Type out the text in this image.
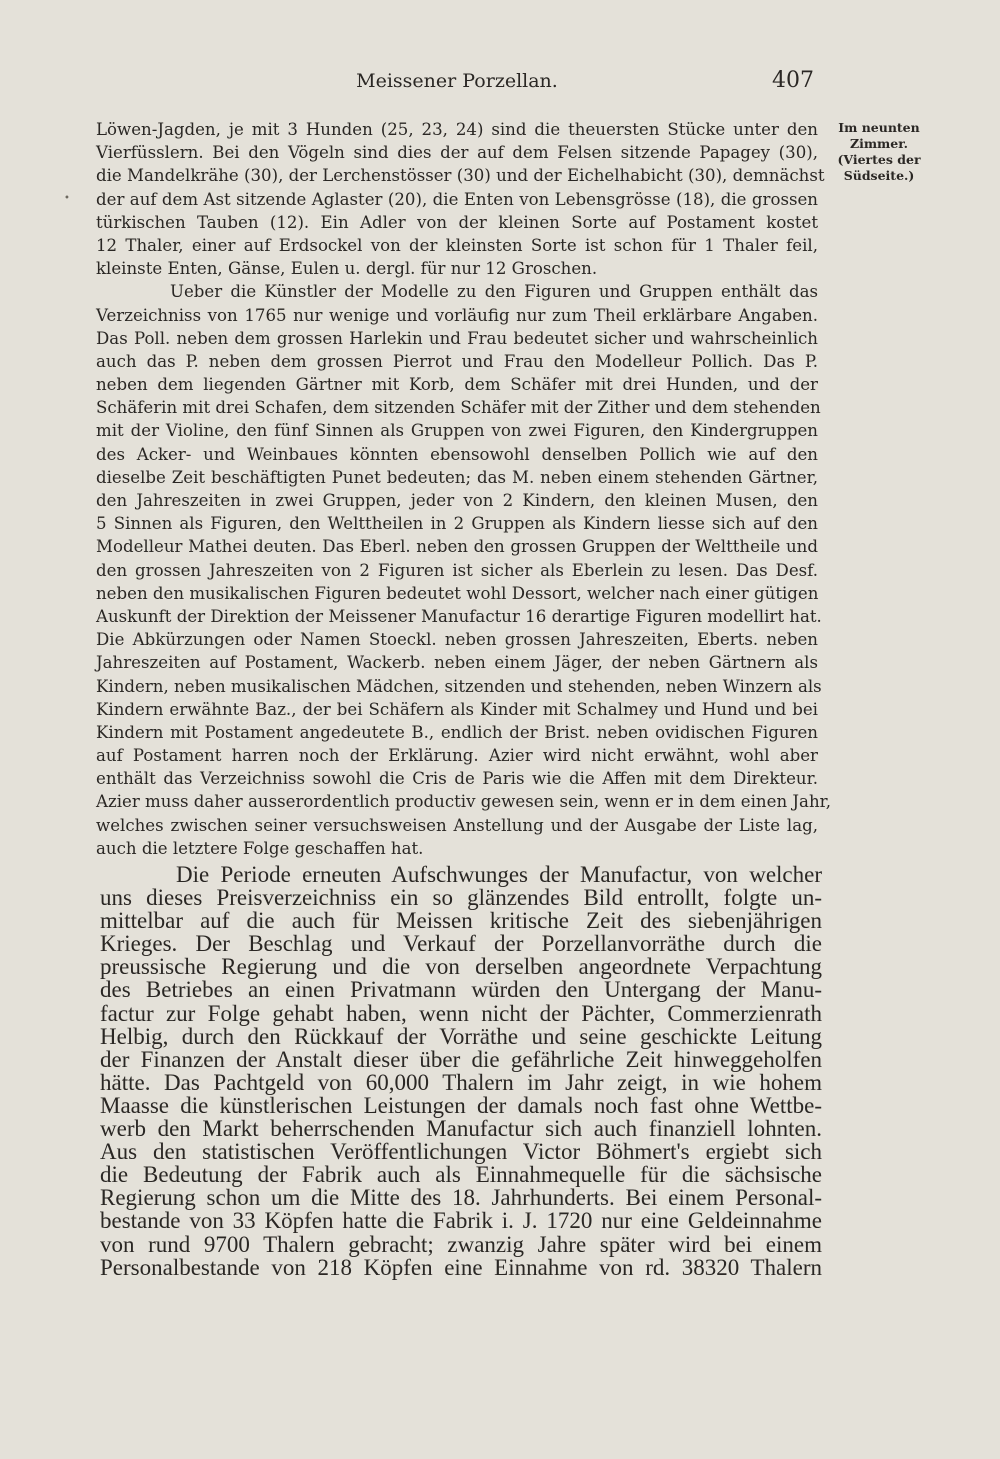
Meissener Porzellan.	407
Im neunten
Zimmer.
(Viertes der
Südseite.)
•
Löwen-Jagden, je mit 3 Hunden (25, 23, 24) sind die theuersten Stücke unter den
Vierfüsslern. Bei den Vögeln sind dies der auf dem Felsen sitzende Papagey (30),
die Mandelkrähe (30), der Lerchenstösser (30) und der Eichelhabicht (30), demnächst
der auf dem Ast sitzende Aglaster (20), die Enten von Lebensgrösse (18), die grossen
türkischen Tauben (12). Ein Adler von der kleinen Sorte auf Postament kostet
12 Thaler, einer auf Erdsockel von der kleinsten Sorte ist schon für 1 Thaler feil,
kleinste Enten, Gänse, Eulen u. dergl. für nur 12 Groschen.
Ueber die Künstler der Modelle zu den Figuren und Gruppen enthält das
Verzeichniss von 1765 nur wenige und vorläufig nur zum Theil erklärbare Angaben.
Das Poll. neben dem grossen Harlekin und Frau bedeutet sicher und wahrscheinlich
auch das P. neben dem grossen Pierrot und Frau den Modelleur Pollich. Das P.
neben dem liegenden Gärtner mit Korb, dem Schäfer mit drei Hunden, und der
Schäferin mit drei Schafen, dem sitzenden Schäfer mit der Zither und dem stehenden
mit der Violine, den fünf Sinnen als Gruppen von zwei Figuren, den Kindergruppen
des Acker- und Weinbaues könnten ebensowohl denselben Pollich wie auf den
dieselbe Zeit beschäftigten Punet bedeuten; das M. neben einem stehenden Gärtner,
den Jahreszeiten in zwei Gruppen, jeder von 2 Kindern, den kleinen Musen, den
5 Sinnen als Figuren, den Welttheilen in 2 Gruppen als Kindern liesse sich auf den
Modelleur Mathei deuten. Das Eberl. neben den grossen Gruppen der Welttheile und
den grossen Jahreszeiten von 2 Figuren ist sicher als Eberlein zu lesen. Das Desf.
neben den musikalischen Figuren bedeutet wohl Dessort, welcher nach einer gütigen
Auskunft der Direktion der Meissener Manufactur 16 derartige Figuren modellirt hat.
Die Abkürzungen oder Namen Stoeckl. neben grossen Jahreszeiten, Eberts. neben
Jahreszeiten auf Postament, Wackerb. neben einem Jäger, der neben Gärtnern als
Kindern, neben musikalischen Mädchen, sitzenden und stehenden, neben Winzern als
Kindern erwähnte Baz., der bei Schäfern als Kinder mit Schalmey und Hund und bei
Kindern mit Postament angedeutete B., endlich der Brist. neben ovidischen Figuren
auf Postament harren noch der Erklärung. Azier wird nicht erwähnt, wohl aber
enthält das Verzeichniss sowohl die Cris de Paris wie die Affen mit dem Direkteur.
Azier muss daher ausserordentlich productiv gewesen sein, wenn er in dem einen Jahr,
welches zwischen seiner versuchsweisen Anstellung und der Ausgabe der Liste lag,
auch die letztere Folge geschaffen hat.
Die Periode erneuten Aufschwunges der Manufactur, von welcher
uns dieses Preisverzeichniss ein so glänzendes Bild entrollt, folgte un-
mittelbar auf die auch für Meissen kritische Zeit des siebenjährigen
Krieges. Der Beschlag und Verkauf der Porzellanvorräthe durch die
preussische Regierung und die von derselben angeordnete Verpachtung
des Betriebes an einen Privatmann würden den Untergang der Manu-
factur zur Folge gehabt haben, wenn nicht der Pächter, Commerzienrath
Helbig, durch den Rückkauf der Vorräthe und seine geschickte Leitung
der Finanzen der Anstalt dieser über die gefährliche Zeit hinweggeholfen
hätte. Das Pachtgeld von 60,000 Thalern im Jahr zeigt, in wie hohem
Maasse die künstlerischen Leistungen der damals noch fast ohne Wettbe-
werb den Markt beherrschenden Manufactur sich auch finanziell lohnten.
Aus den statistischen Veröffentlichungen Victor Böhmert's ergiebt sich
die Bedeutung der Fabrik auch als Einnahmequelle für die sächsische
Regierung schon um die Mitte des 18. Jahrhunderts. Bei einem Personal-
bestande von 33 Köpfen hatte die Fabrik i. J. 1720 nur eine Geldeinnahme
von rund 9700 Thalern gebracht; zwanzig Jahre später wird bei einem
Personalbestande von 218 Köpfen eine Einnahme von rd. 38320 Thalern
